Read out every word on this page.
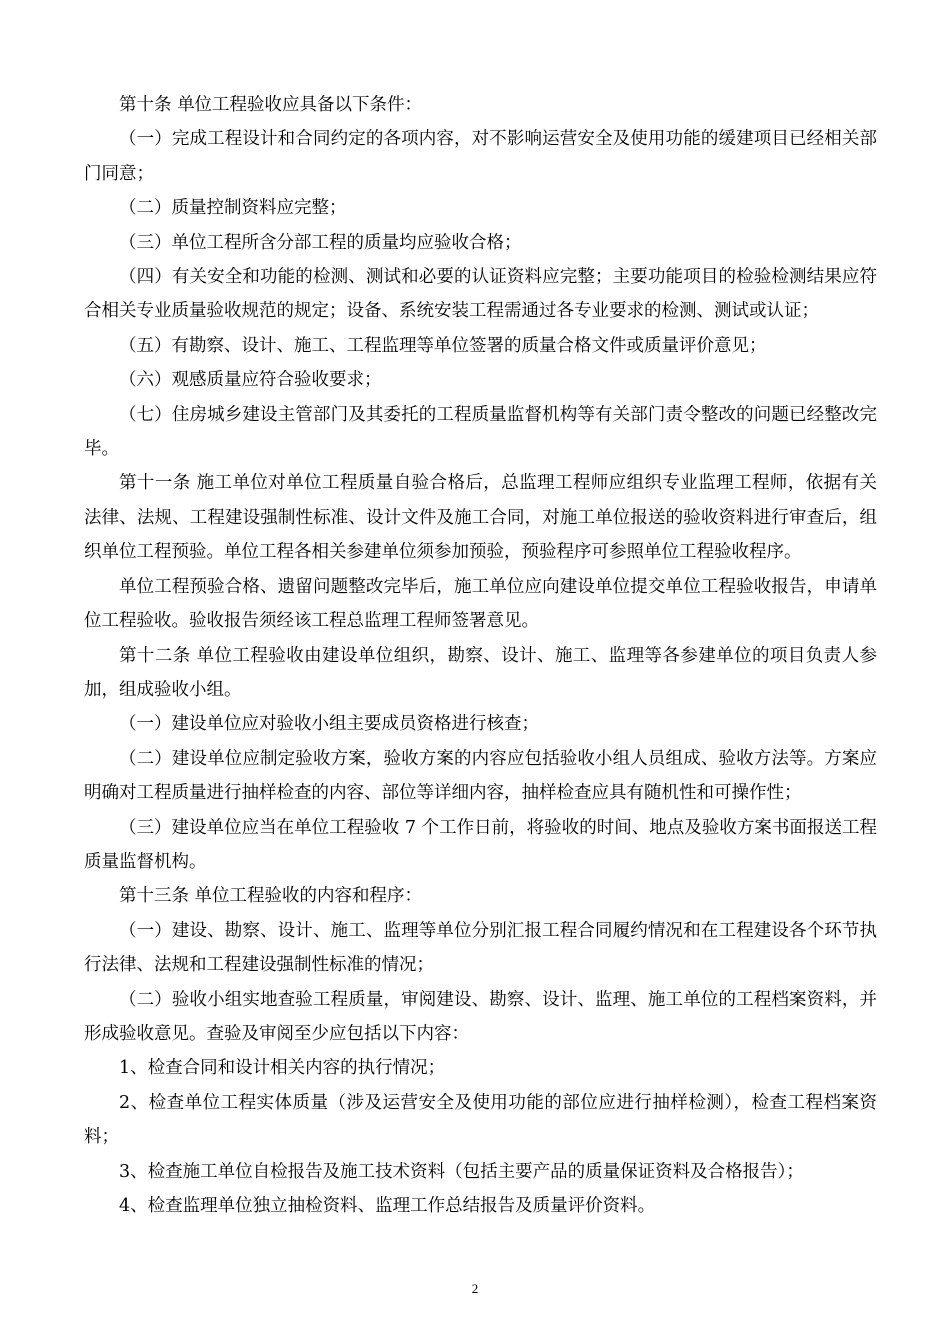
第十条 单位工程验收应具备以下条件：

（一）完成工程设计和合同约定的各项内容，对不影响运营安全及使用功能的缓建项目已经相关部门同意；

（二）质量控制资料应完整；

（三）单位工程所含分部工程的质量均应验收合格；

（四）有关安全和功能的检测、测试和必要的认证资料应完整；主要功能项目的检验检测结果应符合相关专业质量验收规范的规定；设备、系统安装工程需通过各专业要求的检测、测试或认证；

（五）有勘察、设计、施工、工程监理等单位签署的质量合格文件或质量评价意见；

（六）观感质量应符合验收要求；

（七）住房城乡建设主管部门及其委托的工程质量监督机构等有关部门责令整改的问题已经整改完毕。

第十一条 施工单位对单位工程质量自验合格后，总监理工程师应组织专业监理工程师，依据有关法律、法规、工程建设强制性标准、设计文件及施工合同，对施工单位报送的验收资料进行审查后，组织单位工程预验。单位工程各相关参建单位须参加预验，预验程序可参照单位工程验收程序。

单位工程预验合格、遗留问题整改完毕后，施工单位应向建设单位提交单位工程验收报告，申请单位工程验收。验收报告须经该工程总监理工程师签署意见。

第十二条 单位工程验收由建设单位组织，勘察、设计、施工、监理等各参建单位的项目负责人参加，组成验收小组。

（一）建设单位应对验收小组主要成员资格进行核查；

（二）建设单位应制定验收方案，验收方案的内容应包括验收小组人员组成、验收方法等。方案应明确对工程质量进行抽样检查的内容、部位等详细内容，抽样检查应具有随机性和可操作性；

（三）建设单位应当在单位工程验收 7 个工作日前，将验收的时间、地点及验收方案书面报送工程质量监督机构。

第十三条 单位工程验收的内容和程序：

（一）建设、勘察、设计、施工、监理等单位分别汇报工程合同履约情况和在工程建设各个环节执行法律、法规和工程建设强制性标准的情况；

（二）验收小组实地查验工程质量，审阅建设、勘察、设计、监理、施工单位的工程档案资料，并形成验收意见。查验及审阅至少应包括以下内容：

1、检查合同和设计相关内容的执行情况；

2、检查单位工程实体质量（涉及运营安全及使用功能的部位应进行抽样检测），检查工程档案资料；

3、检查施工单位自检报告及施工技术资料（包括主要产品的质量保证资料及合格报告）；

4、检查监理单位独立抽检资料、监理工作总结报告及质量评价资料。

2
